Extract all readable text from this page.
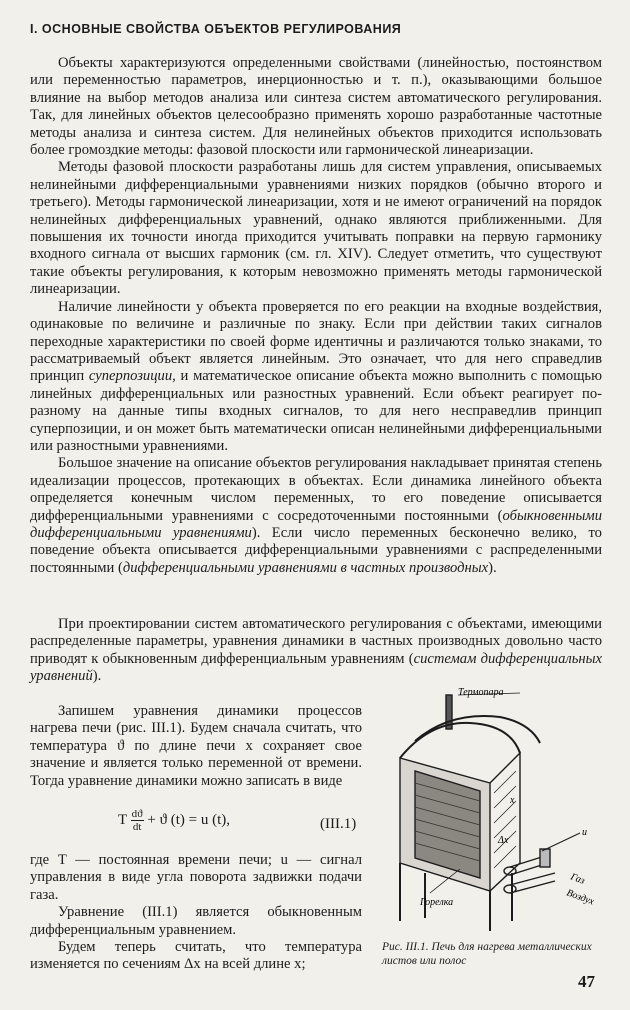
I. ОСНОВНЫЕ СВОЙСТВА ОБЪЕКТОВ РЕГУЛИРОВАНИЯ

Объекты характеризуются определенными свойствами (линейностью, постоянством или переменностью параметров, инерционностью и т. п.), оказывающими большое влияние на выбор методов анализа или синтеза систем автоматического регулирования. Так, для линейных объектов целесообразно применять хорошо разработанные частотные методы анализа и синтеза систем. Для нелинейных объектов приходится использовать более громоздкие методы: фазовой плоскости или гармонической линеаризации.

Методы фазовой плоскости разработаны лишь для систем управления, описываемых нелинейными дифференциальными уравнениями низких порядков (обычно второго и третьего). Методы гармонической линеаризации, хотя и не имеют ограничений на порядок нелинейных дифференциальных уравнений, однако являются приближенными. Для повышения их точности иногда приходится учитывать поправки на первую гармонику входного сигнала от высших гармоник (см. гл. XIV). Следует отметить, что существуют такие объекты регулирования, к которым невозможно применять методы гармонической линеаризации.

Наличие линейности у объекта проверяется по его реакции на входные воздействия, одинаковые по величине и различные по знаку. Если при действии таких сигналов переходные характеристики по своей форме идентичны и различаются только знаками, то рассматриваемый объект является линейным. Это означает, что для него справедлив принцип суперпозиции, и математическое описание объекта можно выполнить с помощью линейных дифференциальных или разностных уравнений. Если объект реагирует по-разному на данные типы входных сигналов, то для него несправедлив принцип суперпозиции, и он может быть математически описан нелинейными дифференциальными или разностными уравнениями.

Большое значение на описание объектов регулирования накладывает принятая степень идеализации процессов, протекающих в объектах. Если динамика линейного объекта определяется конечным числом переменных, то его поведение описывается дифференциальными уравнениями с сосредоточенными постоянными (обыкновенными дифференциальными уравнениями). Если число переменных бесконечно велико, то поведение объекта описывается дифференциальными уравнениями с распределенными постоянными (дифференциальными уравнениями в частных производных).

При проектировании систем автоматического регулирования с объектами, имеющими распределенные параметры, уравнения динамики в частных производных довольно часто приводят к обыкновенным дифференциальным уравнениям (системам дифференциальных уравнений).

Запишем уравнения динамики процессов нагрева печи (рис. III.1). Будем сначала считать, что температура ϑ по длине печи x сохраняет свое значение и является только переменной от времени. Тогда уравнение динамики можно записать в виде

T $\frac{dϑ}{dt} + ϑ$ (t) = u (t),	(III.1)

где T — постоянная времени печи; u — сигнал управления в виде угла поворота задвижки подачи газа.

Уравнение (III.1) является обыкновенным дифференциальным уравнением.

Будем теперь считать, что температура изменяется по сечениям Δx на всей длине x;

Термопара
Горелка
Газ
Воздух
u
Δx
x
Рис. III.1. Печь для нагрева металлических листов или полос
47
